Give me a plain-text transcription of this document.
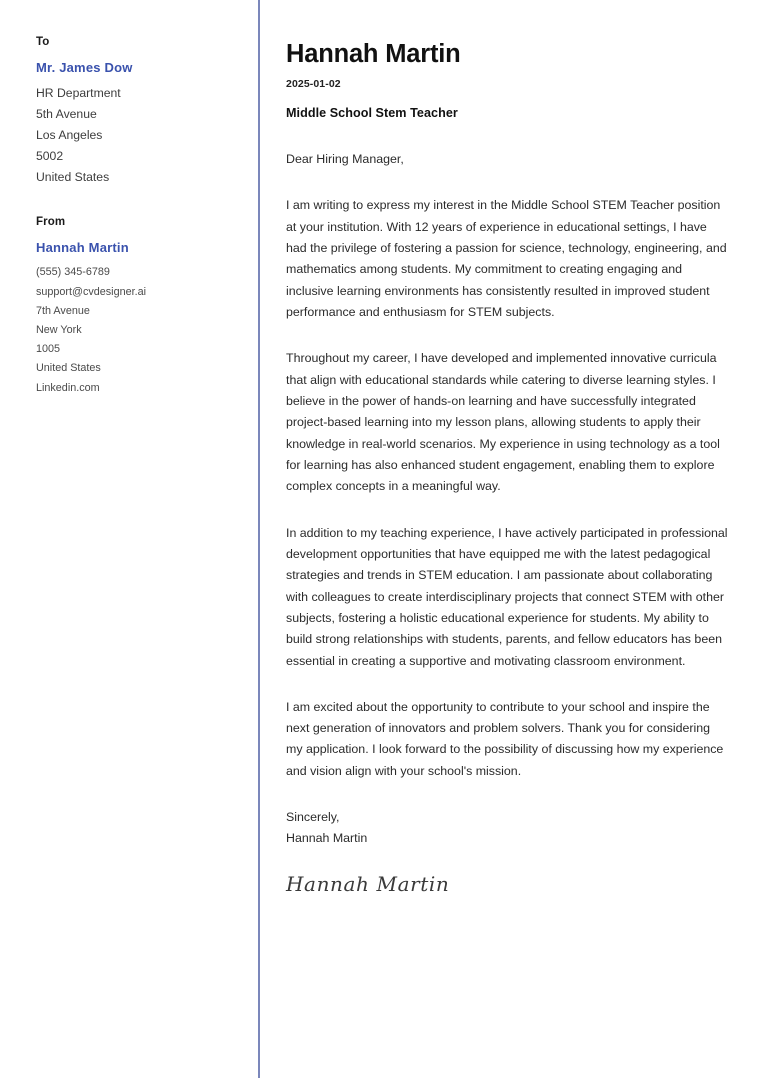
To
Mr. James Dow
HR Department
5th Avenue
Los Angeles
5002
United States
From
Hannah Martin
(555) 345-6789
support@cvdesigner.ai
7th Avenue
New York
1005
United States
Linkedin.com
Hannah Martin
2025-01-02
Middle School Stem Teacher

Dear Hiring Manager,

I am writing to express my interest in the Middle School STEM Teacher position at your institution. With 12 years of experience in educational settings, I have had the privilege of fostering a passion for science, technology, engineering, and mathematics among students. My commitment to creating engaging and inclusive learning environments has consistently resulted in improved student performance and enthusiasm for STEM subjects.

Throughout my career, I have developed and implemented innovative curricula that align with educational standards while catering to diverse learning styles. I believe in the power of hands-on learning and have successfully integrated project-based learning into my lesson plans, allowing students to apply their knowledge in real-world scenarios. My experience in using technology as a tool for learning has also enhanced student engagement, enabling them to explore complex concepts in a meaningful way.

In addition to my teaching experience, I have actively participated in professional development opportunities that have equipped me with the latest pedagogical strategies and trends in STEM education. I am passionate about collaborating with colleagues to create interdisciplinary projects that connect STEM with other subjects, fostering a holistic educational experience for students. My ability to build strong relationships with students, parents, and fellow educators has been essential in creating a supportive and motivating classroom environment.

I am excited about the opportunity to contribute to your school and inspire the next generation of innovators and problem solvers. Thank you for considering my application. I look forward to the possibility of discussing how my experience and vision align with your school's mission.

Sincerely,
Hannah Martin
Hannah Martin
